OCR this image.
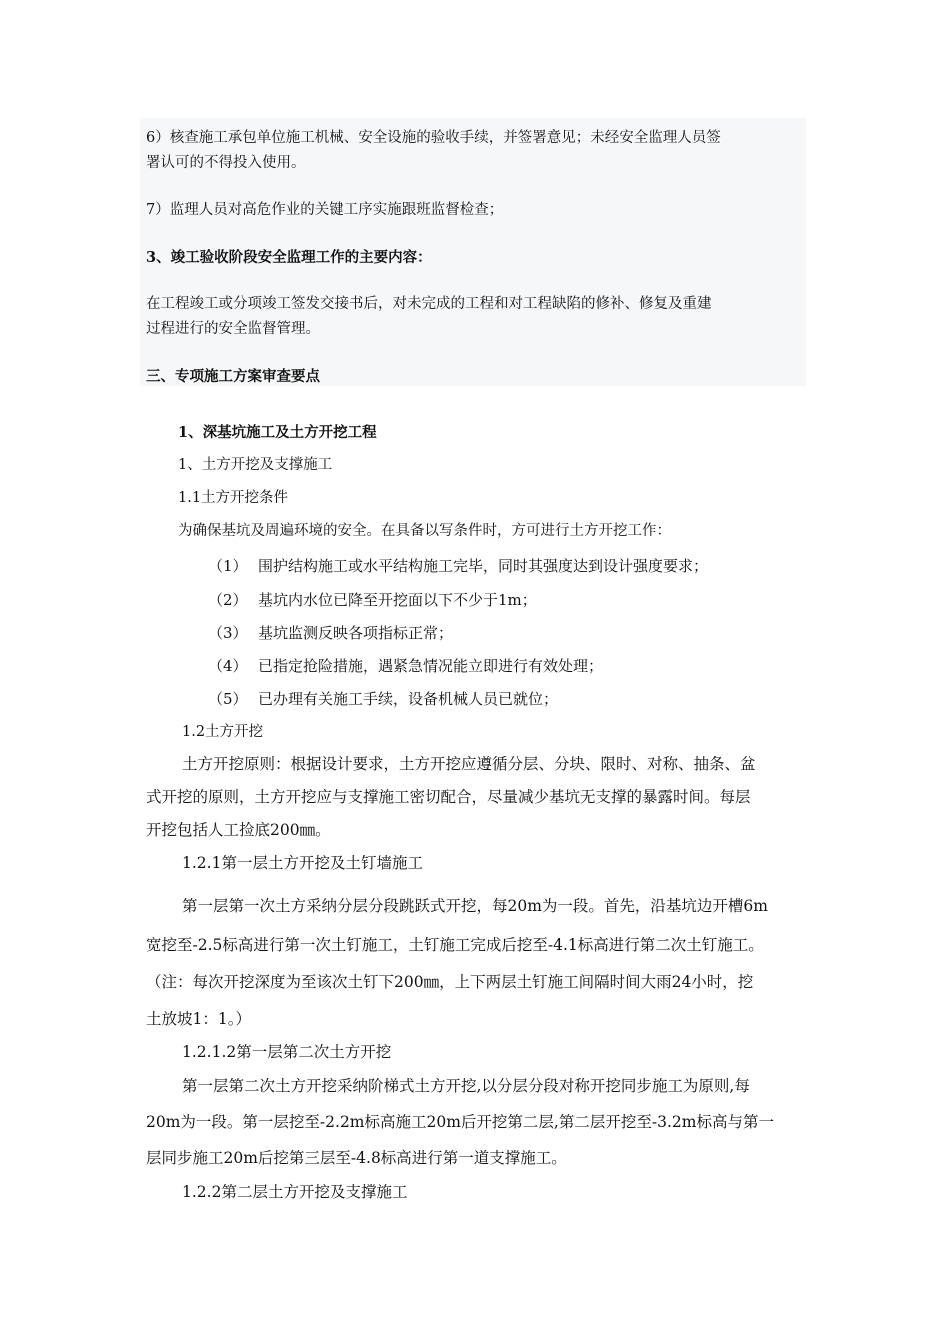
6）核查施工承包单位施工机械、安全设施的验收手续，并签署意见；未经安全监理人员签
署认可的不得投入使用。
7）监理人员对高危作业的关键工序实施跟班监督检查；
3、竣工验收阶段安全监理工作的主要内容：
在工程竣工或分项竣工签发交接书后，对未完成的工程和对工程缺陷的修补、修复及重建
过程进行的安全监督管理。
三、专项施工方案审查要点
1、深基坑施工及土方开挖工程
1、土方开挖及支撑施工
1.1土方开挖条件
为确保基坑及周遍环境的安全。在具备以写条件时，方可进行土方开挖工作：
（1） 围护结构施工或水平结构施工完毕，同时其强度达到设计强度要求；
（2） 基坑内水位已降至开挖面以下不少于1m；
（3） 基坑监测反映各项指标正常；
（4） 已指定抢险措施，遇紧急情况能立即进行有效处理；
（5） 已办理有关施工手续，设备机械人员已就位；
1.2土方开挖
土方开挖原则：根据设计要求，土方开挖应遵循分层、分块、限时、对称、抽条、盆
式开挖的原则，土方开挖应与支撑施工密切配合，尽量减少基坑无支撑的暴露时间。每层
开挖包括人工捡底200㎜。
1.2.1第一层土方开挖及土钉墙施工
第一层第一次土方采纳分层分段跳跃式开挖，每20m为一段。首先，沿基坑边开槽6m
宽挖至-2.5标高进行第一次土钉施工，土钉施工完成后挖至-4.1标高进行第二次土钉施工。
（注：每次开挖深度为至该次土钉下200㎜，上下两层土钉施工间隔时间大雨24小时，挖
土放坡1：1。）
1.2.1.2第一层第二次土方开挖
第一层第二次土方开挖采纳阶梯式土方开挖,以分层分段对称开挖同步施工为原则,每
20m为一段。第一层挖至-2.2m标高施工20m后开挖第二层,第二层开挖至-3.2m标高与第一
层同步施工20m后挖第三层至-4.8标高进行第一道支撑施工。
1.2.2第二层土方开挖及支撑施工
